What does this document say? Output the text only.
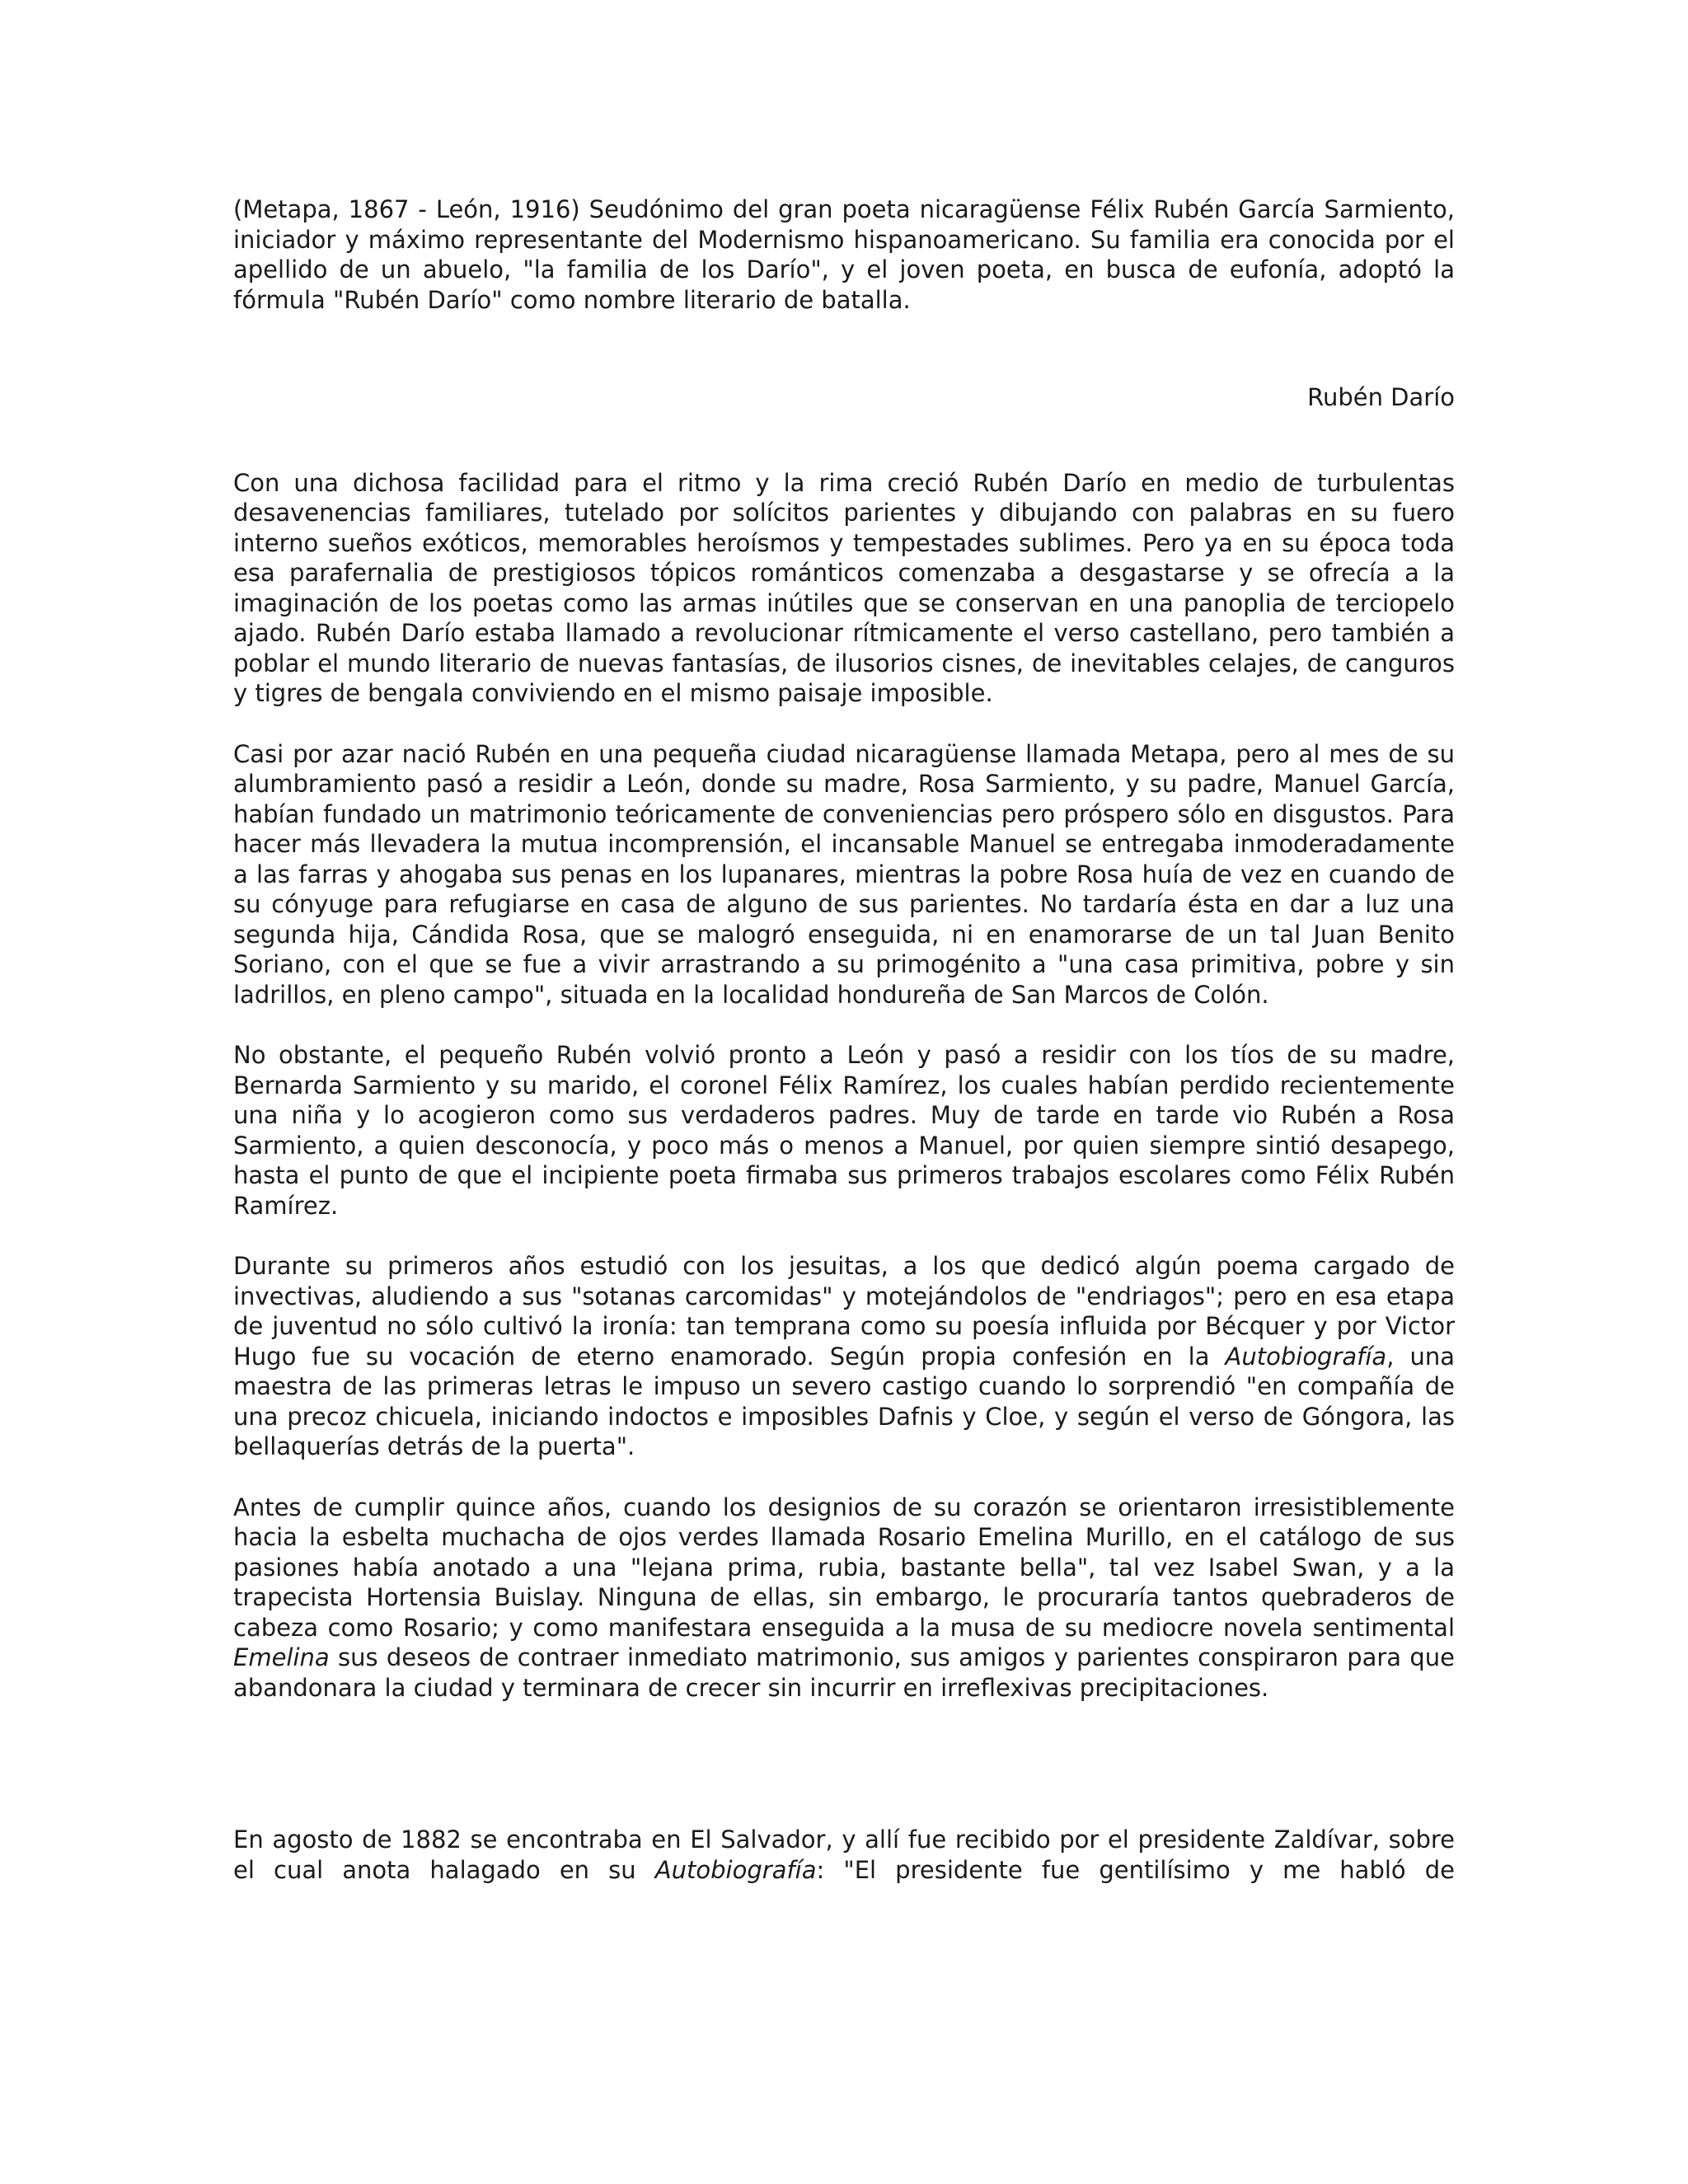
(Metapa, 1867 - León, 1916) Seudónimo del gran poeta nicaragüense Félix Rubén García Sarmiento, iniciador y máximo representante del Modernismo hispanoamericano. Su familia era conocida por el apellido de un abuelo, "la familia de los Darío", y el joven poeta, en busca de eufonía, adoptó la fórmula "Rubén Darío" como nombre literario de batalla.

Rubén Darío

Con una dichosa facilidad para el ritmo y la rima creció Rubén Darío en medio de turbulentas desavenencias familiares, tutelado por solícitos parientes y dibujando con palabras en su fuero interno sueños exóticos, memorables heroísmos y tempestades sublimes. Pero ya en su época toda esa parafernalia de prestigiosos tópicos románticos comenzaba a desgastarse y se ofrecía a la imaginación de los poetas como las armas inútiles que se conservan en una panoplia de terciopelo ajado. Rubén Darío estaba llamado a revolucionar rítmicamente el verso castellano, pero también a poblar el mundo literario de nuevas fantasías, de ilusorios cisnes, de inevitables celajes, de canguros y tigres de bengala conviviendo en el mismo paisaje imposible.

Casi por azar nació Rubén en una pequeña ciudad nicaragüense llamada Metapa, pero al mes de su alumbramiento pasó a residir a León, donde su madre, Rosa Sarmiento, y su padre, Manuel García, habían fundado un matrimonio teóricamente de conveniencias pero próspero sólo en disgustos. Para hacer más llevadera la mutua incomprensión, el incansable Manuel se entregaba inmoderadamente a las farras y ahogaba sus penas en los lupanares, mientras la pobre Rosa huía de vez en cuando de su cónyuge para refugiarse en casa de alguno de sus parientes. No tardaría ésta en dar a luz una segunda hija, Cándida Rosa, que se malogró enseguida, ni en enamorarse de un tal Juan Benito Soriano, con el que se fue a vivir arrastrando a su primogénito a "una casa primitiva, pobre y sin ladrillos, en pleno campo", situada en la localidad hondureña de San Marcos de Colón.

No obstante, el pequeño Rubén volvió pronto a León y pasó a residir con los tíos de su madre, Bernarda Sarmiento y su marido, el coronel Félix Ramírez, los cuales habían perdido recientemente una niña y lo acogieron como sus verdaderos padres. Muy de tarde en tarde vio Rubén a Rosa Sarmiento, a quien desconocía, y poco más o menos a Manuel, por quien siempre sintió desapego, hasta el punto de que el incipiente poeta firmaba sus primeros trabajos escolares como Félix Rubén Ramírez.

Durante su primeros años estudió con los jesuitas, a los que dedicó algún poema cargado de invectivas, aludiendo a sus "sotanas carcomidas" y motejándolos de "endriagos"; pero en esa etapa de juventud no sólo cultivó la ironía: tan temprana como su poesía influida por Bécquer y por Victor Hugo fue su vocación de eterno enamorado. Según propia confesión en la Autobiografía, una maestra de las primeras letras le impuso un severo castigo cuando lo sorprendió "en compañía de una precoz chicuela, iniciando indoctos e imposibles Dafnis y Cloe, y según el verso de Góngora, las bellaquerías detrás de la puerta".

Antes de cumplir quince años, cuando los designios de su corazón se orientaron irresistiblemente hacia la esbelta muchacha de ojos verdes llamada Rosario Emelina Murillo, en el catálogo de sus pasiones había anotado a una "lejana prima, rubia, bastante bella", tal vez Isabel Swan, y a la trapecista Hortensia Buislay. Ninguna de ellas, sin embargo, le procuraría tantos quebraderos de cabeza como Rosario; y como manifestara enseguida a la musa de su mediocre novela sentimental Emelina sus deseos de contraer inmediato matrimonio, sus amigos y parientes conspiraron para que abandonara la ciudad y terminara de crecer sin incurrir en irreflexivas precipitaciones.

En agosto de 1882 se encontraba en El Salvador, y allí fue recibido por el presidente Zaldívar, sobre el cual anota halagado en su Autobiografía: "El presidente fue gentilísimo y me habló de
